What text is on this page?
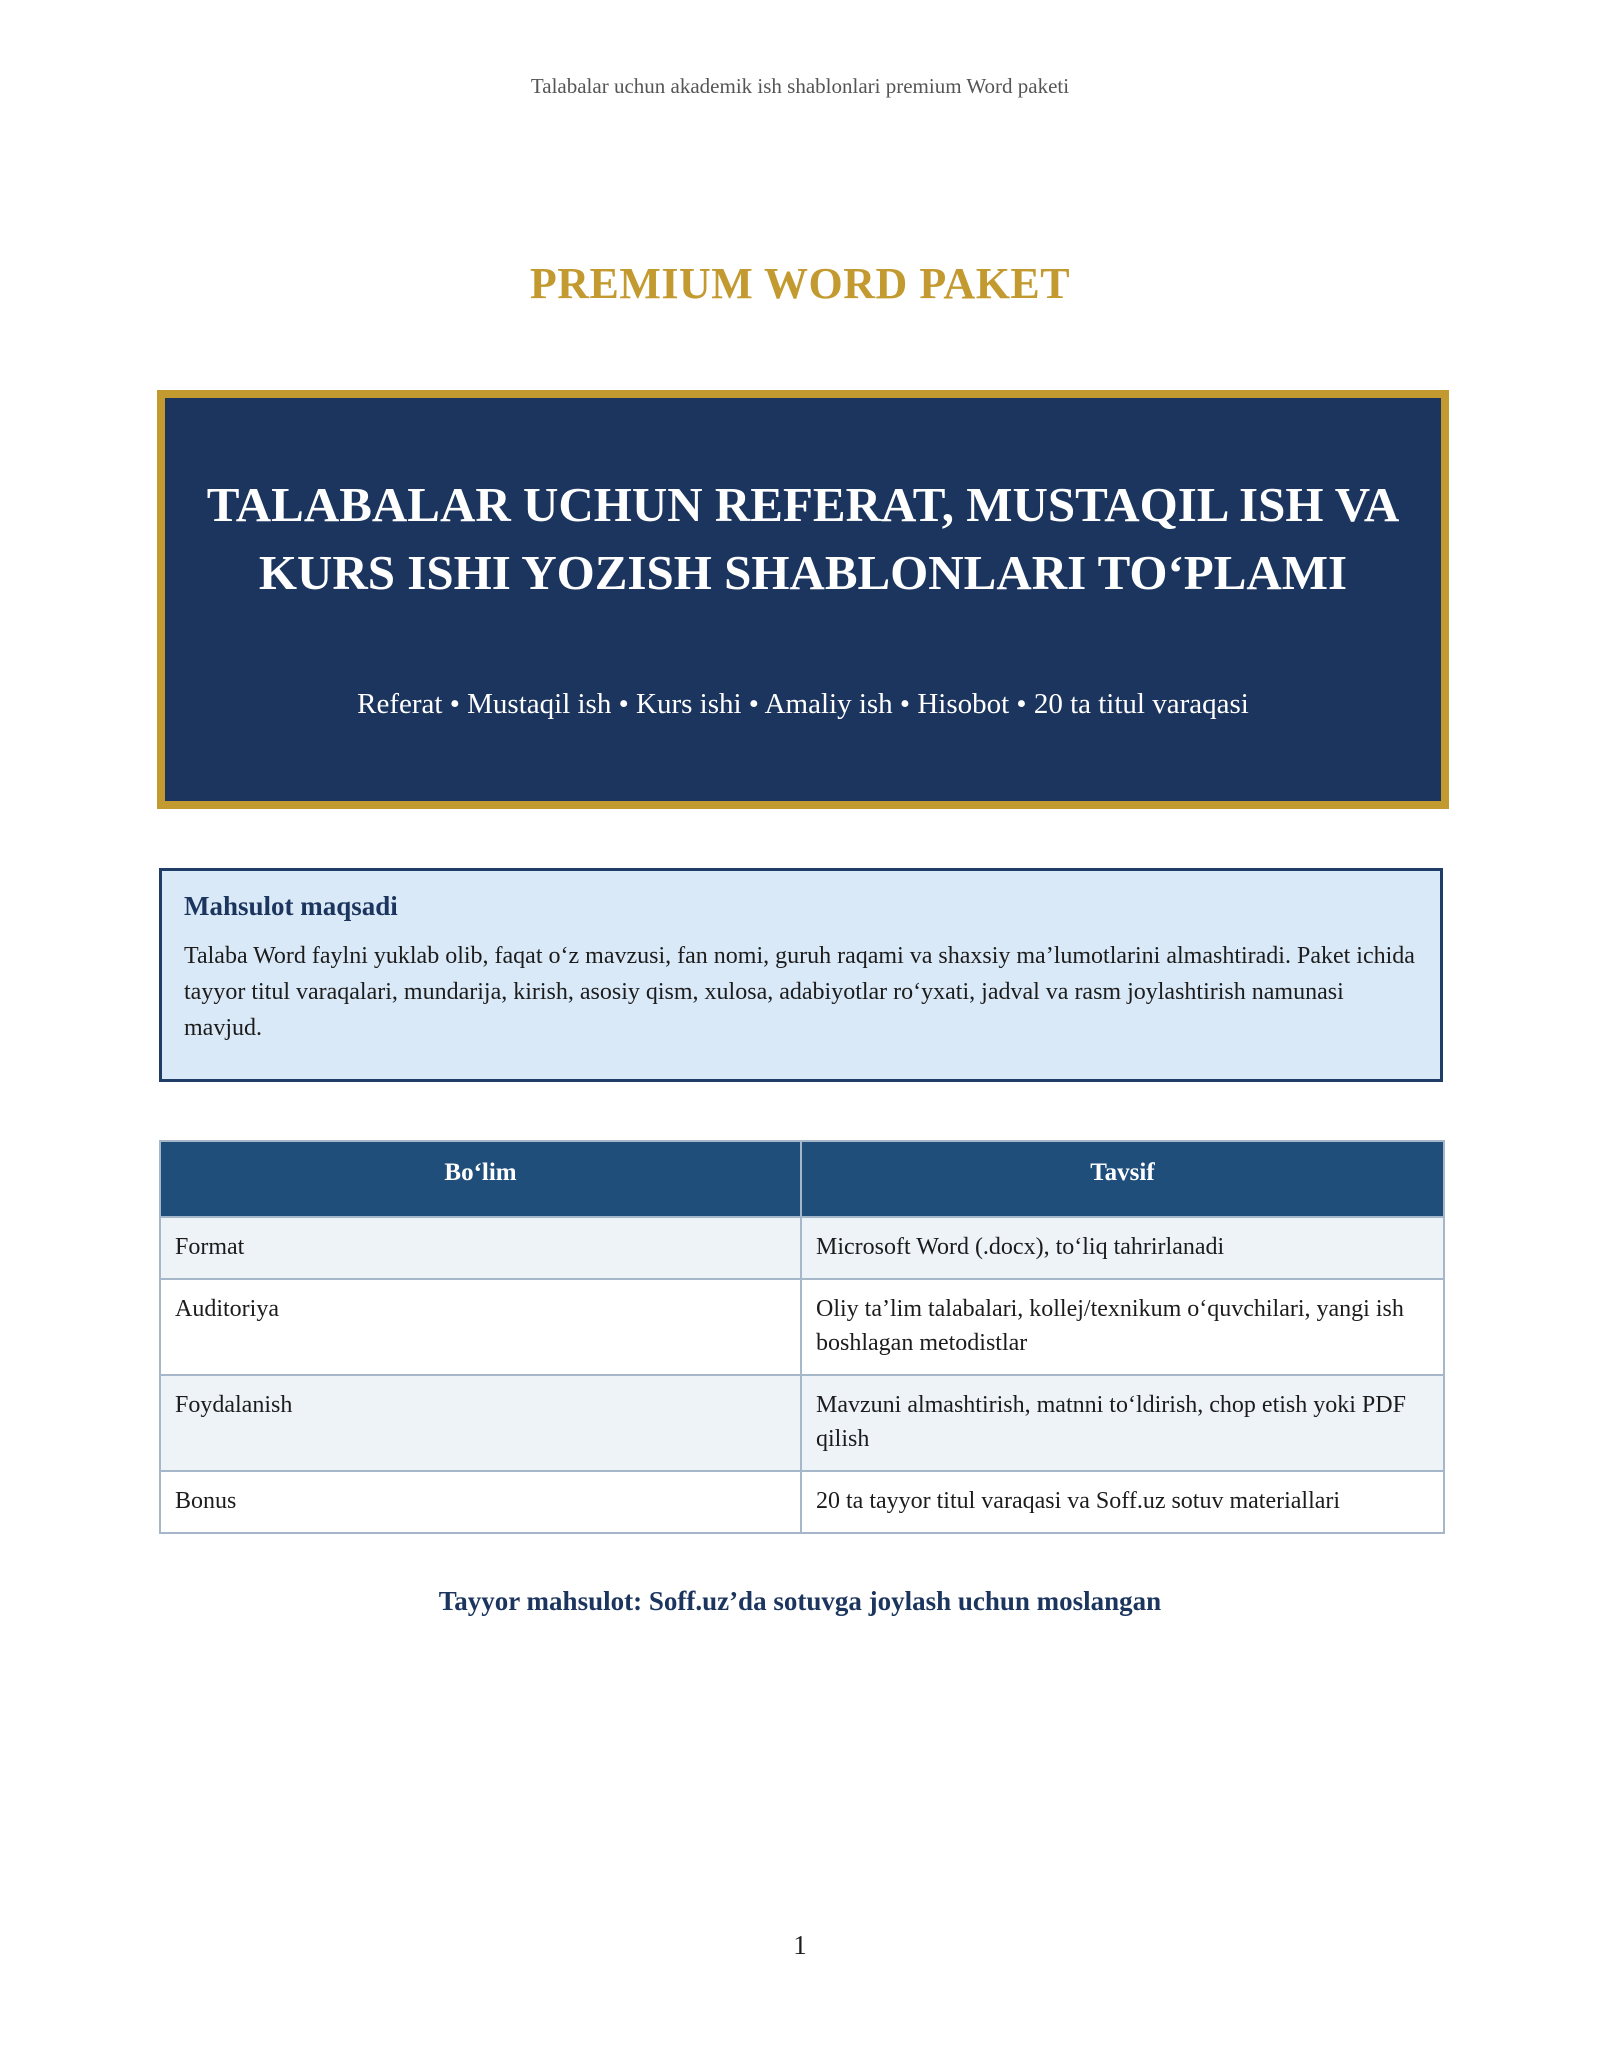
Talabalar uchun akademik ish shablonlari premium Word paketi
PREMIUM WORD PAKET
TALABALAR UCHUN REFERAT, MUSTAQIL ISH VA KURS ISHI YOZISH SHABLONLARI TO‘PLAMI
Referat • Mustaqil ish • Kurs ishi • Amaliy ish • Hisobot • 20 ta titul varaqasi

Mahsulot maqsadi

Talaba Word faylni yuklab olib, faqat o‘z mavzusi, fan nomi, guruh raqami va shaxsiy ma’lumotlarini almashtiradi. Paket ichida tayyor titul varaqalari, mundarija, kirish, asosiy qism, xulosa, adabiyotlar ro‘yxati, jadval va rasm joylashtirish namunasi mavjud.

Bo‘lim	Tavsif
Format	Microsoft Word (.docx), to‘liq tahrirlanadi
Auditoriya	Oliy ta’lim talabalari, kollej/texnikum o‘quvchilari, yangi ish boshlagan metodistlar
Foydalanish	Mavzuni almashtirish, matnni to‘ldirish, chop etish yoki PDF qilish
Bonus	20 ta tayyor titul varaqasi va Soff.uz sotuv materiallari
Tayyor mahsulot: Soff.uz’da sotuvga joylash uchun moslangan
1
